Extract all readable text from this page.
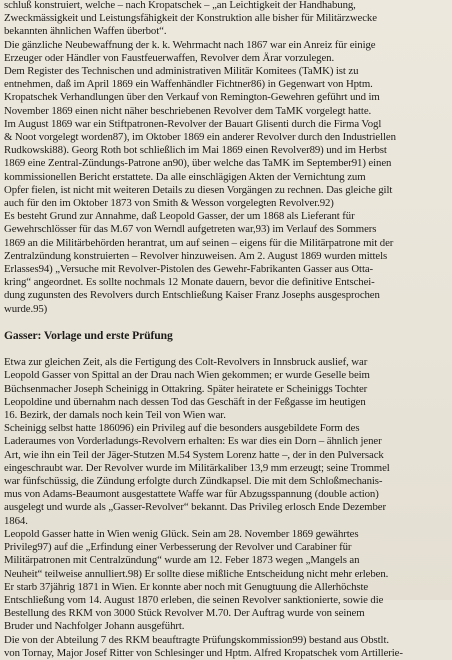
schluß konstruiert, welche – nach Kropatschek – „an Leichtigkeit der Handhabung,
Zweckmässigkeit und Leistungsfähigkeit der Konstruktion alle bisher für Militärzwecke
bekannten ähnlichen Waffen überbot“.
Die gänzliche Neubewaffnung der k. k. Wehrmacht nach 1867 war ein Anreiz für einige
Erzeuger oder Händler von Faustfeuerwaffen, Revolver dem Ärar vorzulegen.
Dem Register des Technischen und administrativen Militär Komitees (TaMK) ist zu
entnehmen, daß im April 1869 ein Waffenhändler Fichtner86) in Gegenwart von Hptm.
Kropatschek Verhandlungen über den Verkauf von Remington-Gewehren geführt und im
November 1869 einen nicht näher beschriebenen Revolver dem TaMK vorgelegt hatte.
Im August 1869 war ein Stiftpatronen-Revolver der Bauart Glisenti durch die Firma Vogl
& Noot vorgelegt worden87), im Oktober 1869 ein anderer Revolver durch den Industriellen
Rudkowski88). Georg Roth bot schließlich im Mai 1869 einen Revolver89) und im Herbst
1869 eine Zentral-Zündungs-Patrone an90), über welche das TaMK im September91) einen
kommissionellen Bericht erstattete. Da alle einschlägigen Akten der Vernichtung zum
Opfer fielen, ist nicht mit weiteren Details zu diesen Vorgängen zu rechnen. Das gleiche gilt
auch für den im Oktober 1873 von Smith & Wesson vorgelegten Revolver.92)
Es besteht Grund zur Annahme, daß Leopold Gasser, der um 1868 als Lieferant für
Gewehrschlösser für das M.67 von Werndl aufgetreten war,93) im Verlauf des Sommers
1869 an die Militärbehörden herantrat, um auf seinen – eigens für die Militärpatrone mit der
Zentralzündung konstruierten – Revolver hinzuweisen. Am 2. August 1869 wurden mittels
Erlasses94) „Versuche mit Revolver-Pistolen des Gewehr-Fabrikanten Gasser aus Otta-
kring“ angeordnet. Es sollte nochmals 12 Monate dauern, bevor die definitive Entschei-
dung zugunsten des Revolvers durch Entschließung Kaiser Franz Josephs ausgesprochen
wurde.95)
Gasser: Vorlage und erste Prüfung
Etwa zur gleichen Zeit, als die Fertigung des Colt-Revolvers in Innsbruck auslief, war
Leopold Gasser von Spittal an der Drau nach Wien gekommen; er wurde Geselle beim
Büchsenmacher Joseph Scheinigg in Ottakring. Später heiratete er Scheiniggs Tochter
Leopoldine und übernahm nach dessen Tod das Geschäft in der Feßgasse im heutigen
16. Bezirk, der damals noch kein Teil von Wien war.
Scheinigg selbst hatte 186096) ein Privileg auf die besonders ausgebildete Form des
Laderaumes von Vorderladungs-Revolvern erhalten: Es war dies ein Dorn – ähnlich jener
Art, wie ihn ein Teil der Jäger-Stutzen M.54 System Lorenz hatte –, der in den Pulversack
eingeschraubt war. Der Revolver wurde im Militärkaliber 13,9 mm erzeugt; seine Trommel
war fünfschüssig, die Zündung erfolgte durch Zündkapsel. Die mit dem Schloßmechanis-
mus von Adams-Beaumont ausgestattete Waffe war für Abzugsspannung (double action)
ausgelegt und wurde als „Gasser-Revolver“ bekannt. Das Privileg erlosch Ende Dezember
1864.
Leopold Gasser hatte in Wien wenig Glück. Sein am 28. November 1869 gewährtes
Privileg97) auf die „Erfindung einer Verbesserung der Revolver und Carabiner für
Militärpatronen mit Centralzündung“ wurde am 12. Feber 1873 wegen „Mangels an
Neuheit“ teilweise annulliert.98) Er sollte diese mißliche Entscheidung nicht mehr erleben.
Er starb 37jährig 1871 in Wien. Er konnte aber noch mit Genugtuung die Allerhöchste
Entschließung vom 14. August 1870 erleben, die seinen Revolver sanktionierte, sowie die
Bestellung des RKM von 3000 Stück Revolver M.70. Der Auftrag wurde von seinem
Bruder und Nachfolger Johann ausgeführt.
Die von der Abteilung 7 des RKM beauftragte Prüfungskommission99) bestand aus Obstlt.
von Tornay, Major Josef Ritter von Schlesinger und Hptm. Alfred Kropatschek vom Artillerie-
